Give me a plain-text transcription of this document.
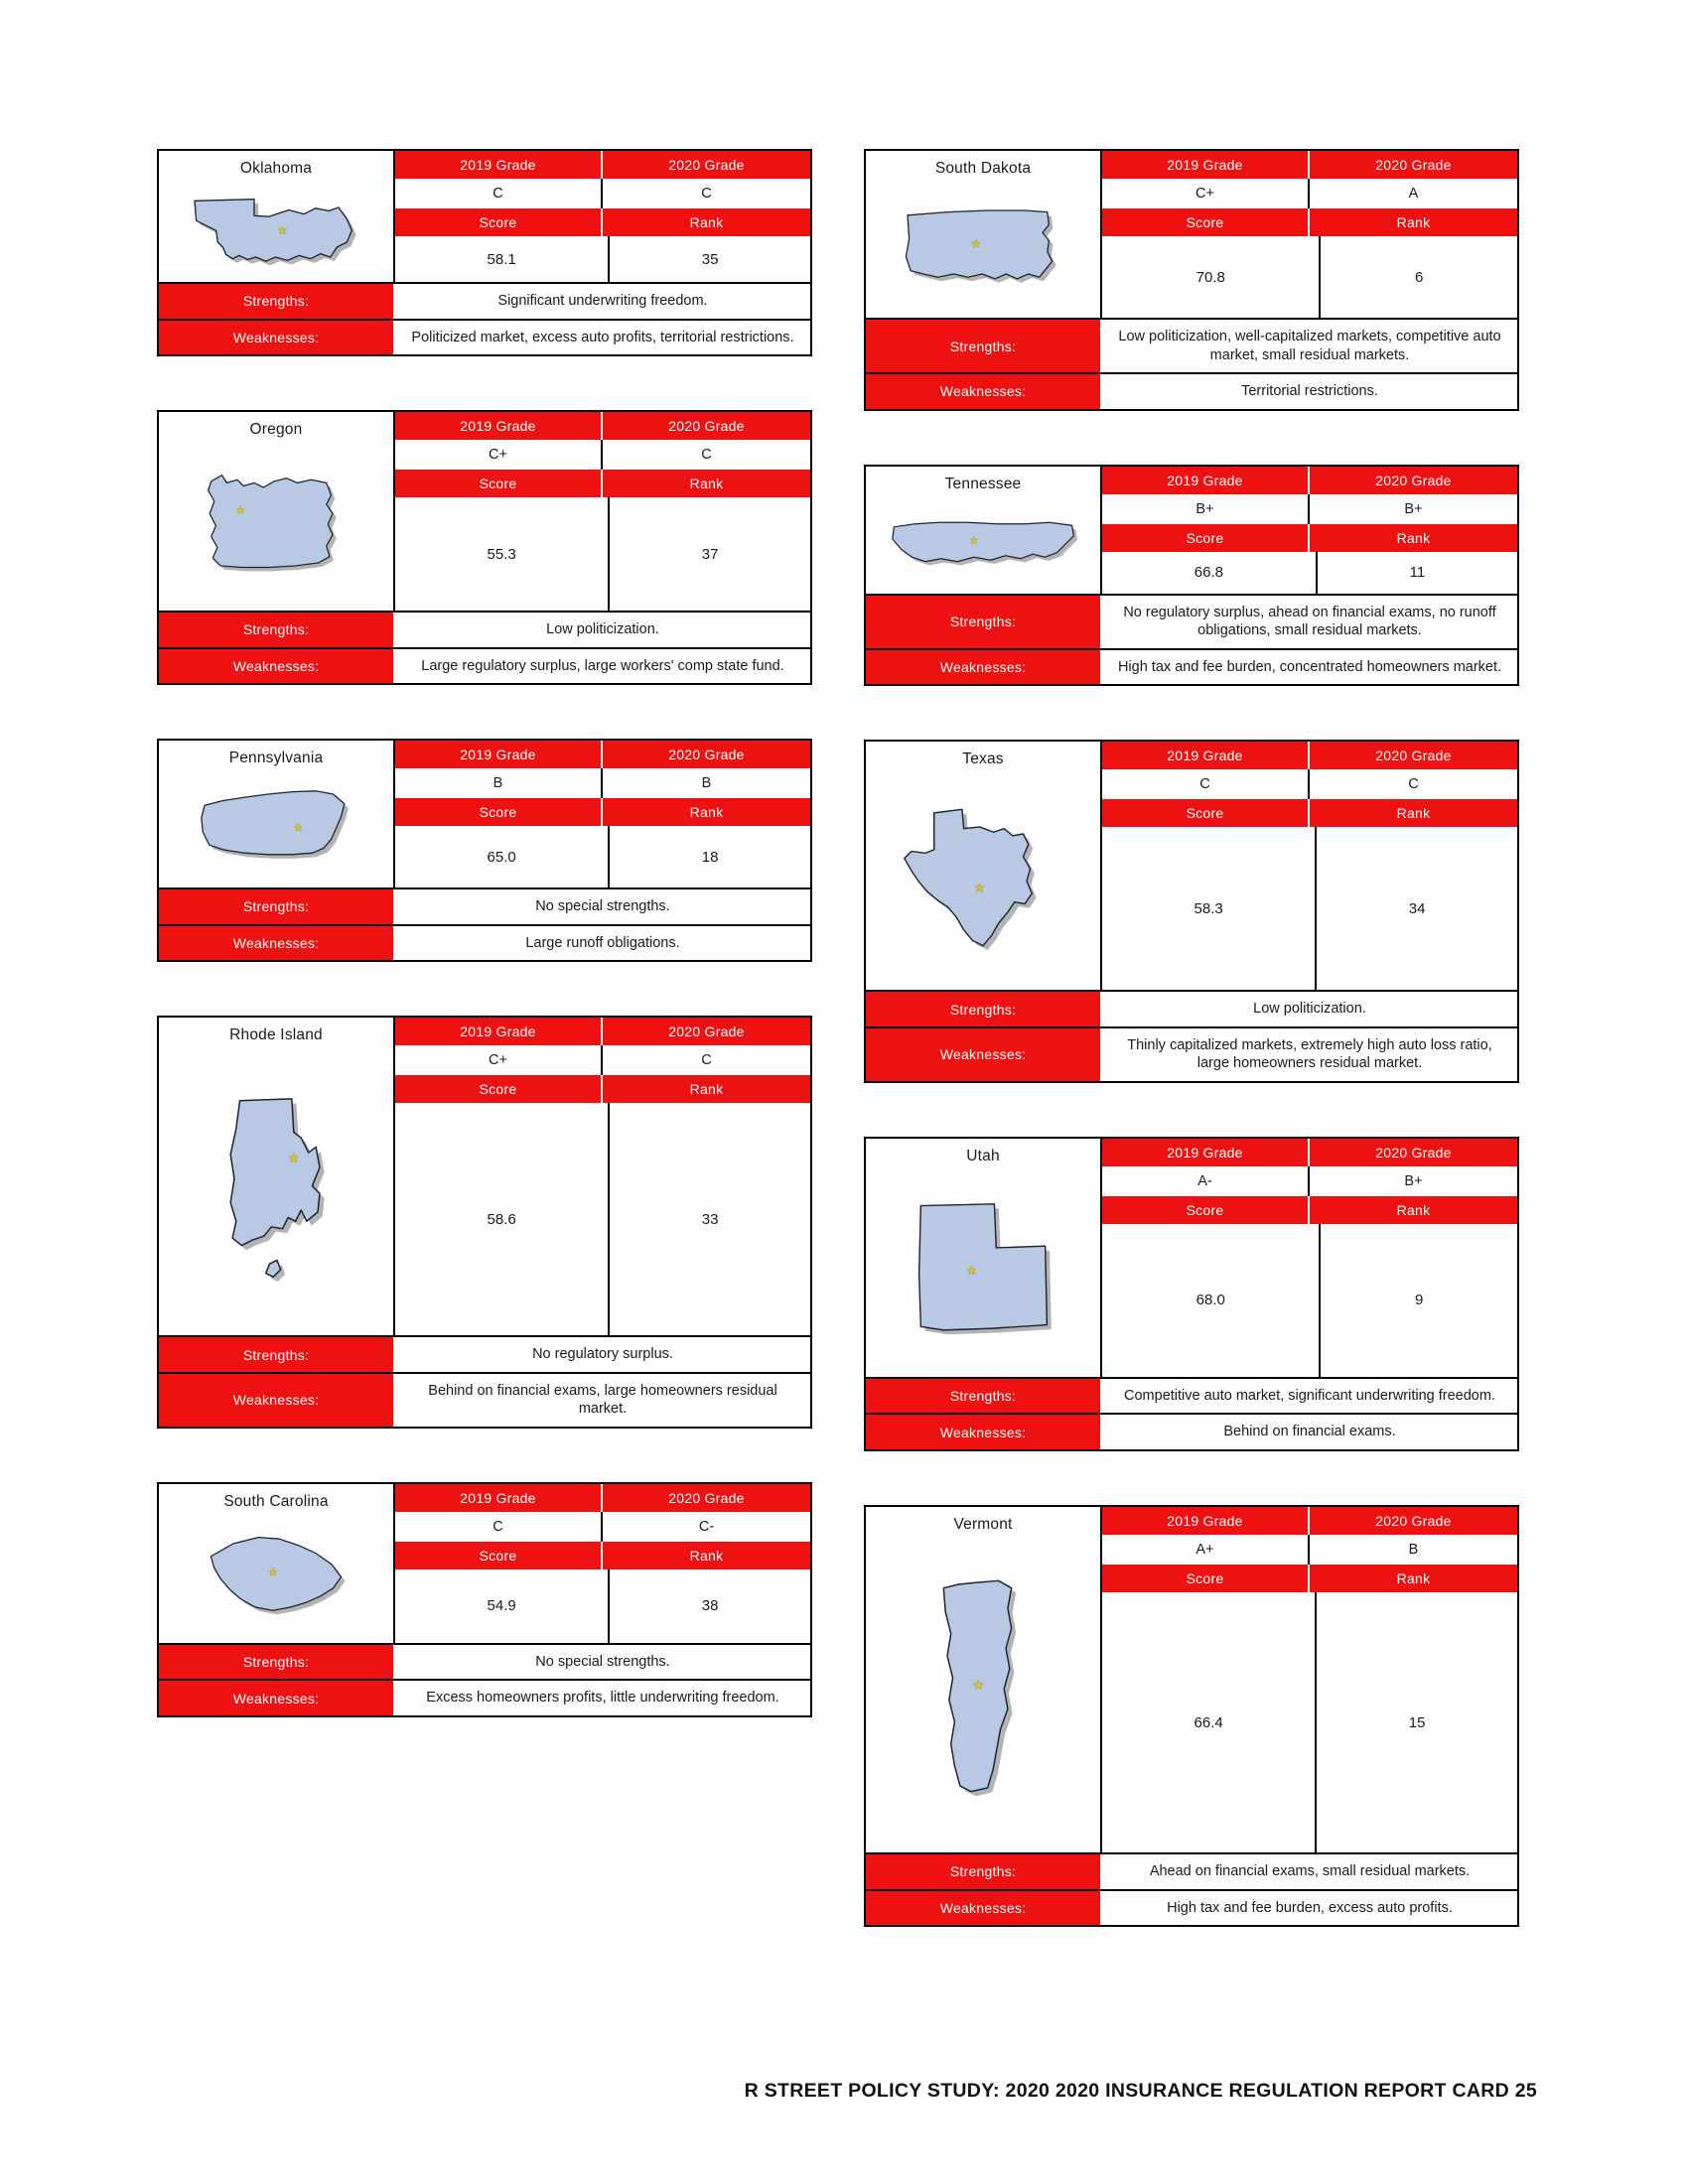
Oklahoma	2019 Grade	2020 Grade
C	C
Score	Rank
58.1	35
Strengths:	Significant underwriting freedom.
Weaknesses:	Politicized market, excess auto profits, territorial restrictions.
Oregon	2019 Grade	2020 Grade
C+	C
Score	Rank
55.3	37
Strengths:	Low politicization.
Weaknesses:	Large regulatory surplus, large workers' comp state fund.
Pennsylvania	2019 Grade	2020 Grade
B	B
Score	Rank
65.0	18
Strengths:	No special strengths.
Weaknesses:	Large runoff obligations.
Rhode Island	2019 Grade	2020 Grade
C+	C
Score	Rank
58.6	33
Strengths:	No regulatory surplus.
Weaknesses:
Behind on financial exams, large homeowners residual market.
South Carolina	2019 Grade	2020 Grade
C	C-
Score	Rank
54.9	38
Strengths:	No special strengths.
Weaknesses:	Excess homeowners profits, little underwriting freedom.
South Dakota	2019 Grade	2020 Grade
C+	A
Score	Rank
70.8	6
Strengths:
Low politicization, well-capitalized markets, competitive auto market, small residual markets.
Weaknesses:	Territorial restrictions.
Tennessee	2019 Grade	2020 Grade
B+	B+
Score	Rank
66.8	11
Strengths:
No regulatory surplus, ahead on financial exams, no runoff obligations, small residual markets.
Weaknesses:	High tax and fee burden, concentrated homeowners market.
Texas	2019 Grade	2020 Grade
C	C
Score	Rank
58.3	34
Strengths:	Low politicization.
Weaknesses:
Thinly capitalized markets, extremely high auto loss ratio, large homeowners residual market.
Utah	2019 Grade	2020 Grade
A-	B+
Score	Rank
68.0	9
Strengths:	Competitive auto market, significant underwriting freedom.
Weaknesses:	Behind on financial exams.
Vermont	2019 Grade	2020 Grade
A+	B
Score	Rank
66.4	15
Strengths:	Ahead on financial exams, small residual markets.
Weaknesses:	High tax and fee burden, excess auto profits.
R STREET POLICY STUDY: 2020 2020 INSURANCE REGULATION REPORT CARD 25
